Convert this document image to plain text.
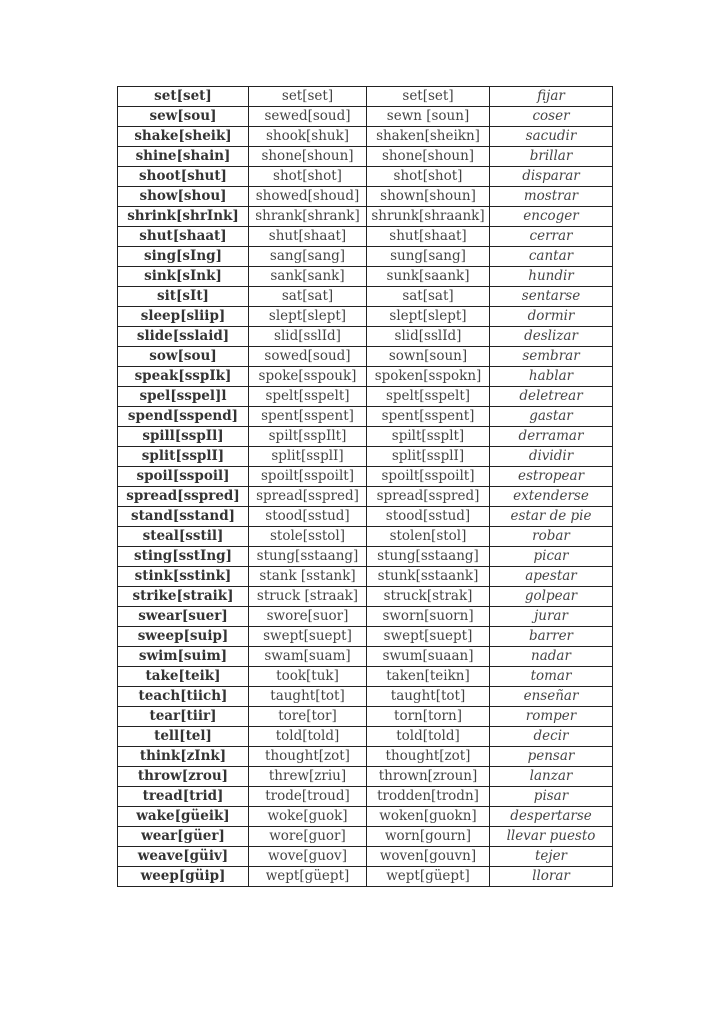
set[set]	set[set]	set[set]	fijar
sew[sou]	sewed[soud]	sewn [soun]	coser
shake[sheik]	shook[shuk]	shaken[sheikn]	sacudir
shine[shain]	shone[shoun]	shone[shoun]	brillar
shoot[shut]	shot[shot]	shot[shot]	disparar
show[shou]	showed[shoud]	shown[shoun]	mostrar
shrink[shrInk]	shrank[shrank]	shrunk[shraank]	encoger
shut[shaat]	shut[shaat]	shut[shaat]	cerrar
sing[sIng]	sang[sang]	sung[sang]	cantar
sink[sInk]	sank[sank]	sunk[saank]	hundir
sit[sIt]	sat[sat]	sat[sat]	sentarse
sleep[sliip]	slept[slept]	slept[slept]	dormir
slide[sslaid]	slid[sslId]	slid[sslId]	deslizar
sow[sou]	sowed[soud]	sown[soun]	sembrar
speak[sspIk]	spoke[sspouk]	spoken[sspokn]	hablar
spel[sspel]l	spelt[sspelt]	spelt[sspelt]	deletrear
spend[sspend]	spent[sspent]	spent[sspent]	gastar
spill[sspIl]	spilt[sspIlt]	spilt[ssplt]	derramar
split[ssplI]	split[ssplI]	split[ssplI]	dividir
spoil[sspoil]	spoilt[sspoilt]	spoilt[sspoilt]	estropear
spread[sspred]	spread[sspred]	spread[sspred]	extenderse
stand[sstand]	stood[sstud]	stood[sstud]	estar de pie
steal[sstil]	stole[sstol]	stolen[stol]	robar
sting[sstIng]	stung[sstaang]	stung[sstaang]	picar
stink[sstink]	stank [sstank]	stunk[sstaank]	apestar
strike[straik]	struck [straak]	struck[strak]	golpear
swear[suer]	swore[suor]	sworn[suorn]	jurar
sweep[suip]	swept[suept]	swept[suept]	barrer
swim[suim]	swam[suam]	swum[suaan]	nadar
take[teik]	took[tuk]	taken[teikn]	tomar
teach[tiich]	taught[tot]	taught[tot]	enseñar
tear[tiir]	tore[tor]	torn[torn]	romper
tell[tel]	told[told]	told[told]	decir
think[zInk]	thought[zot]	thought[zot]	pensar
throw[zrou]	threw[zriu]	thrown[zroun]	lanzar
tread[trid]	trode[troud]	trodden[trodn]	pisar
wake[güeik]	woke[guok]	woken[guokn]	despertarse
wear[güer]	wore[guor]	worn[gourn]	llevar puesto
weave[güiv]	wove[guov]	woven[gouvn]	tejer
weep[güip]	wept[güept]	wept[güept]	llorar
